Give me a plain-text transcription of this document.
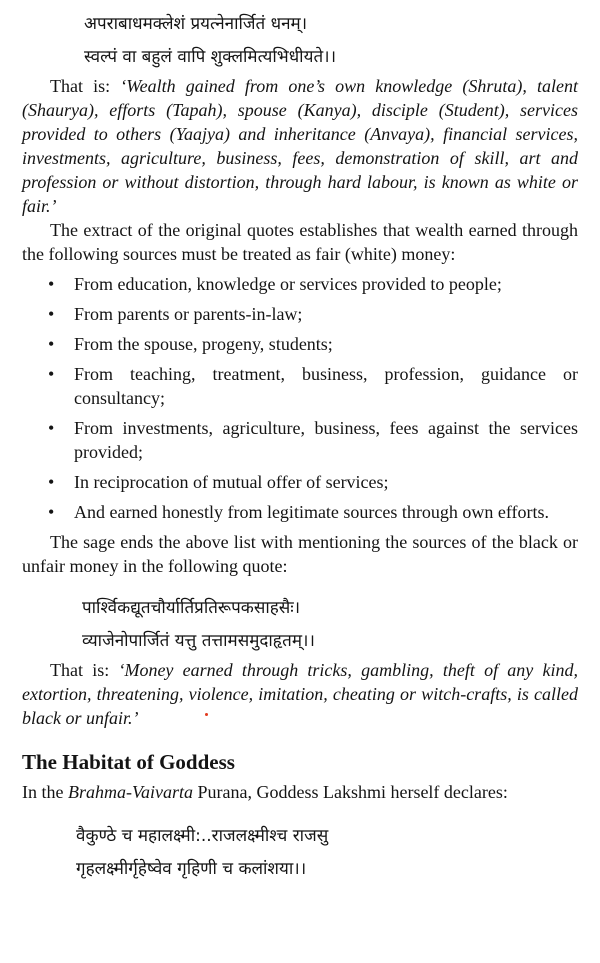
अपराबाधमक्लेशं प्रयत्नेनार्जितं धनम्।
स्वल्पं वा बहुलं वापि शुक्लमित्यभिधीयते।।

That is: ‘Wealth gained from one’s own knowledge (Shruta), talent (Shaurya), efforts (Tapah), spouse (Kanya), disciple (Student), services provided to others (Yaajya) and inheritance (Anvaya), financial services, investments, agriculture, business, fees, demonstration of skill, art and profession or without distortion, through hard labour, is known as white or fair.’

The extract of the original quotes establishes that wealth earned through the following sources must be treated as fair (white) money:

• From education, knowledge or services provided to people;
• From parents or parents-in-law;
• From the spouse, progeny, students;
• From teaching, treatment, business, profession, guidance or consultancy;
• From investments, agriculture, business, fees against the services provided;
• In reciprocation of mutual offer of services;
• And earned honestly from legitimate sources through own efforts.

The sage ends the above list with mentioning the sources of the black or unfair money in the following quote:

पार्श्विकद्यूतचौर्यार्तिप्रतिरूपकसाहसैः।
व्याजेनोपार्जितं यत्तु तत्तामसमुदाहृतम्।।

That is: ‘Money earned through tricks, gambling, theft of any kind, extortion, threatening, violence, imitation, cheating or witch-crafts, is called black or unfair.’

The Habitat of Goddess

In the Brahma-Vaivarta Purana, Goddess Lakshmi herself declares:

वैकुण्ठे च महालक्ष्मी:..राजलक्ष्मीश्च राजसु
गृहलक्ष्मीर्गृहेष्वेव गृहिणी च कलांशया।।
